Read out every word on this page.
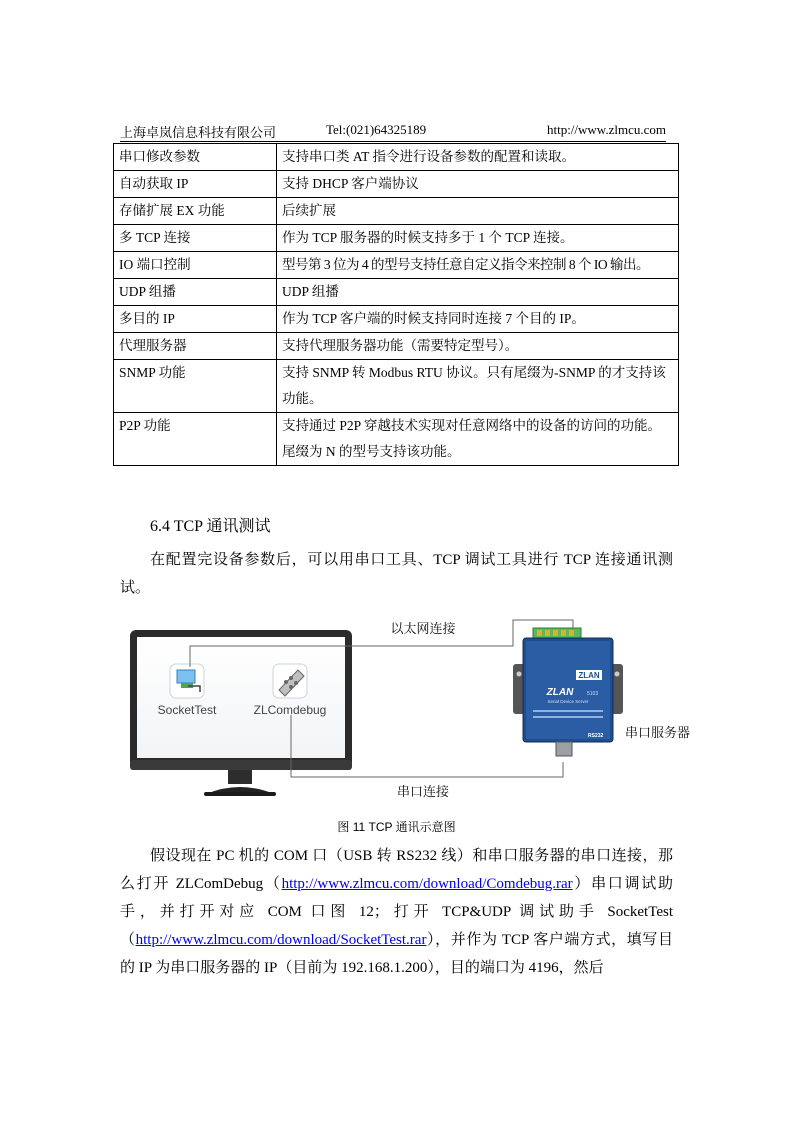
上海卓岚信息科技有限公司	Tel:(021)64325189	http://www.zlmcu.com
串口修改参数	支持串口类 AT 指令进行设备参数的配置和读取。
自动获取 IP	支持 DHCP 客户端协议
存储扩展 EX 功能	后续扩展
多 TCP 连接	作为 TCP 服务器的时候支持多于 1 个 TCP 连接。
IO 端口控制	型号第 3 位为 4 的型号支持任意自定义指令来控制 8 个 IO 输出。
UDP 组播	UDP 组播
多目的 IP	作为 TCP 客户端的时候支持同时连接 7 个目的 IP。
代理服务器	支持代理服务器功能（需要特定型号）。
SNMP 功能	支持 SNMP 转 Modbus RTU 协议。只有尾缀为-SNMP 的才支持该功能。
P2P 功能	支持通过 P2P 穿越技术实现对任意网络中的设备的访问的功能。尾缀为 N 的型号支持该功能。
6.4 TCP 通讯测试
在配置完设备参数后，可以用串口工具、TCP 调试工具进行 TCP 连接通讯测试。
SocketTest	ZLComdebug
以太网连接
串口连接
ZLAN
ZLAN	5103
Serial Device Server
RS232 串口服务器
图 11 TCP 通讯示意图
假设现在 PC 机的 COM 口（USB 转 RS232 线）和串口服务器的串口连接，那么打开 ZLComDebug（http://www.zlmcu.com/download/Comdebug.rar）串口调试助手，并打开对应 COM 口图 12；打开 TCP&UDP 调试助手 SocketTest（http://www.zlmcu.com/download/SocketTest.rar），并作为 TCP 客户端方式，填写目的 IP 为串口服务器的 IP（目前为 192.168.1.200），目的端口为 4196，然后
